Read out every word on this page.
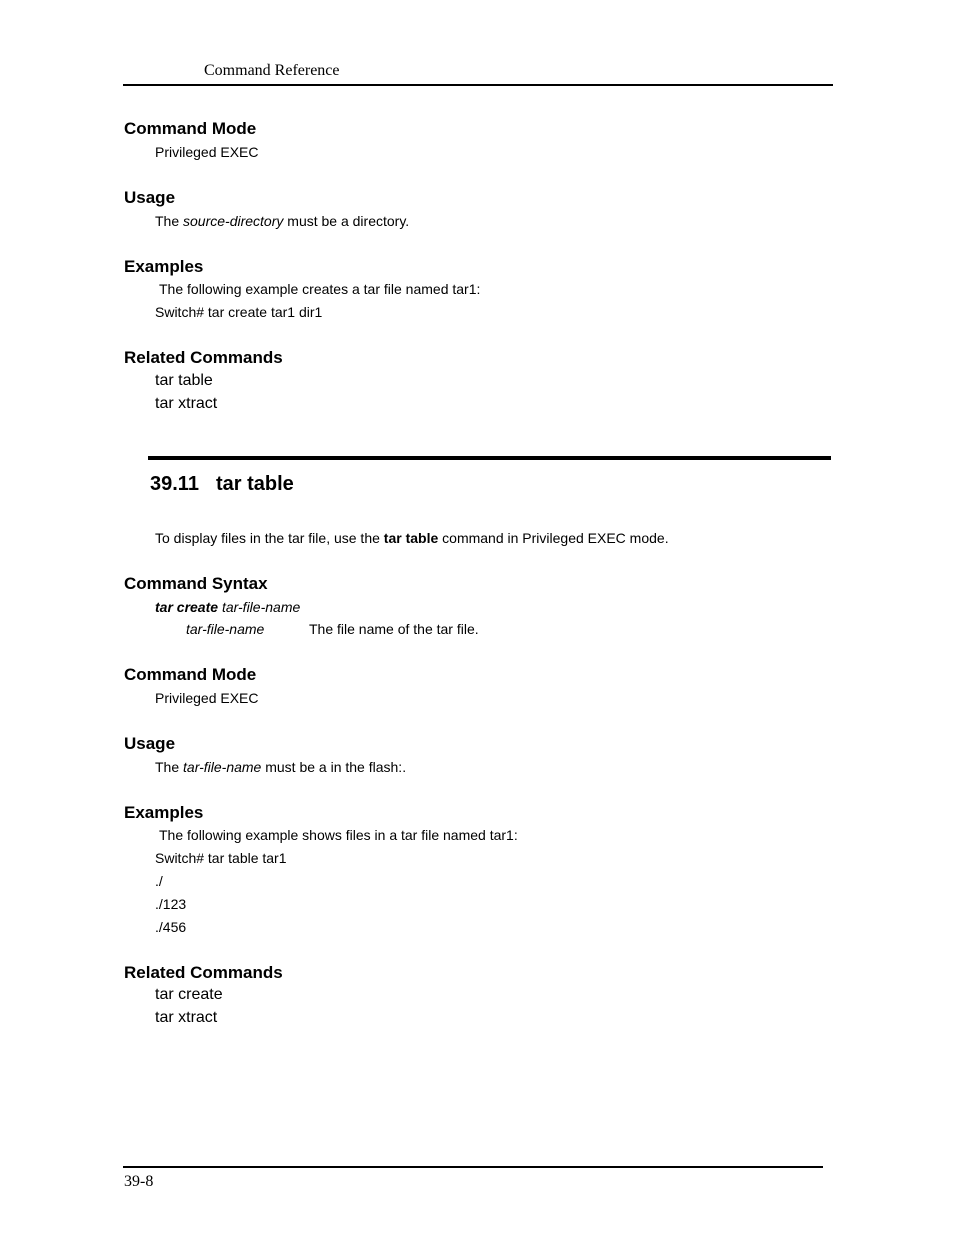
Command Reference
Command Mode
Privileged EXEC
Usage
The source-directory must be a directory.
Examples
The following example creates a tar file named tar1:
Switch# tar create tar1 dir1
Related Commands
tar table
tar xtract
39.11 tar table
To display files in the tar file, use the tar table command in Privileged EXEC mode.
Command Syntax
tar create tar-file-name
tar-file-name	The file name of the tar file.
Command Mode
Privileged EXEC
Usage
The tar-file-name must be a in the flash:.
Examples
The following example shows files in a tar file named tar1:
Switch# tar table tar1
./
./123
./456
Related Commands
tar create
tar xtract
39-8
